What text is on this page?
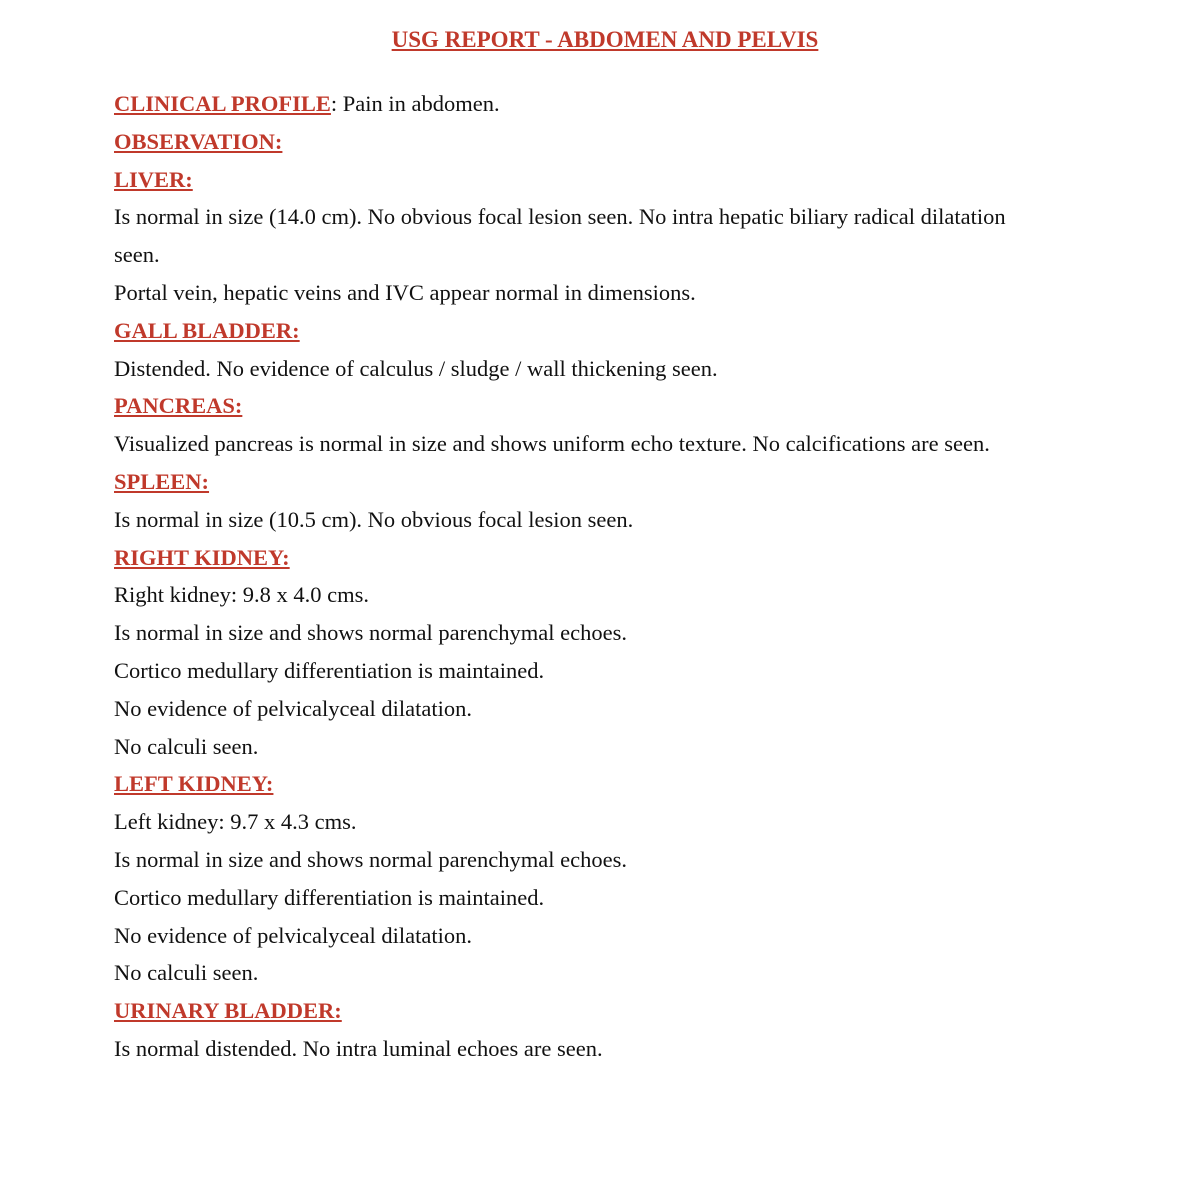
USG REPORT - ABDOMEN AND PELVIS

CLINICAL PROFILE: Pain in abdomen.

OBSERVATION:

LIVER:

Is normal in size (14.0 cm). No obvious focal lesion seen. No intra hepatic biliary radical dilatation seen.

Portal vein, hepatic veins and IVC appear normal in dimensions.

GALL BLADDER:

Distended. No evidence of calculus / sludge / wall thickening seen.

PANCREAS:

Visualized pancreas is normal in size and shows uniform echo texture. No calcifications are seen.

SPLEEN:

Is normal in size (10.5 cm). No obvious focal lesion seen.

RIGHT KIDNEY:

Right kidney: 9.8 x 4.0 cms.

Is normal in size and shows normal parenchymal echoes.

Cortico medullary differentiation is maintained.

No evidence of pelvicalyceal dilatation.

No calculi seen.

LEFT KIDNEY:

Left kidney: 9.7 x 4.3 cms.

Is normal in size and shows normal parenchymal echoes.

Cortico medullary differentiation is maintained.

No evidence of pelvicalyceal dilatation.

No calculi seen.

URINARY BLADDER:

Is normal distended. No intra luminal echoes are seen.
